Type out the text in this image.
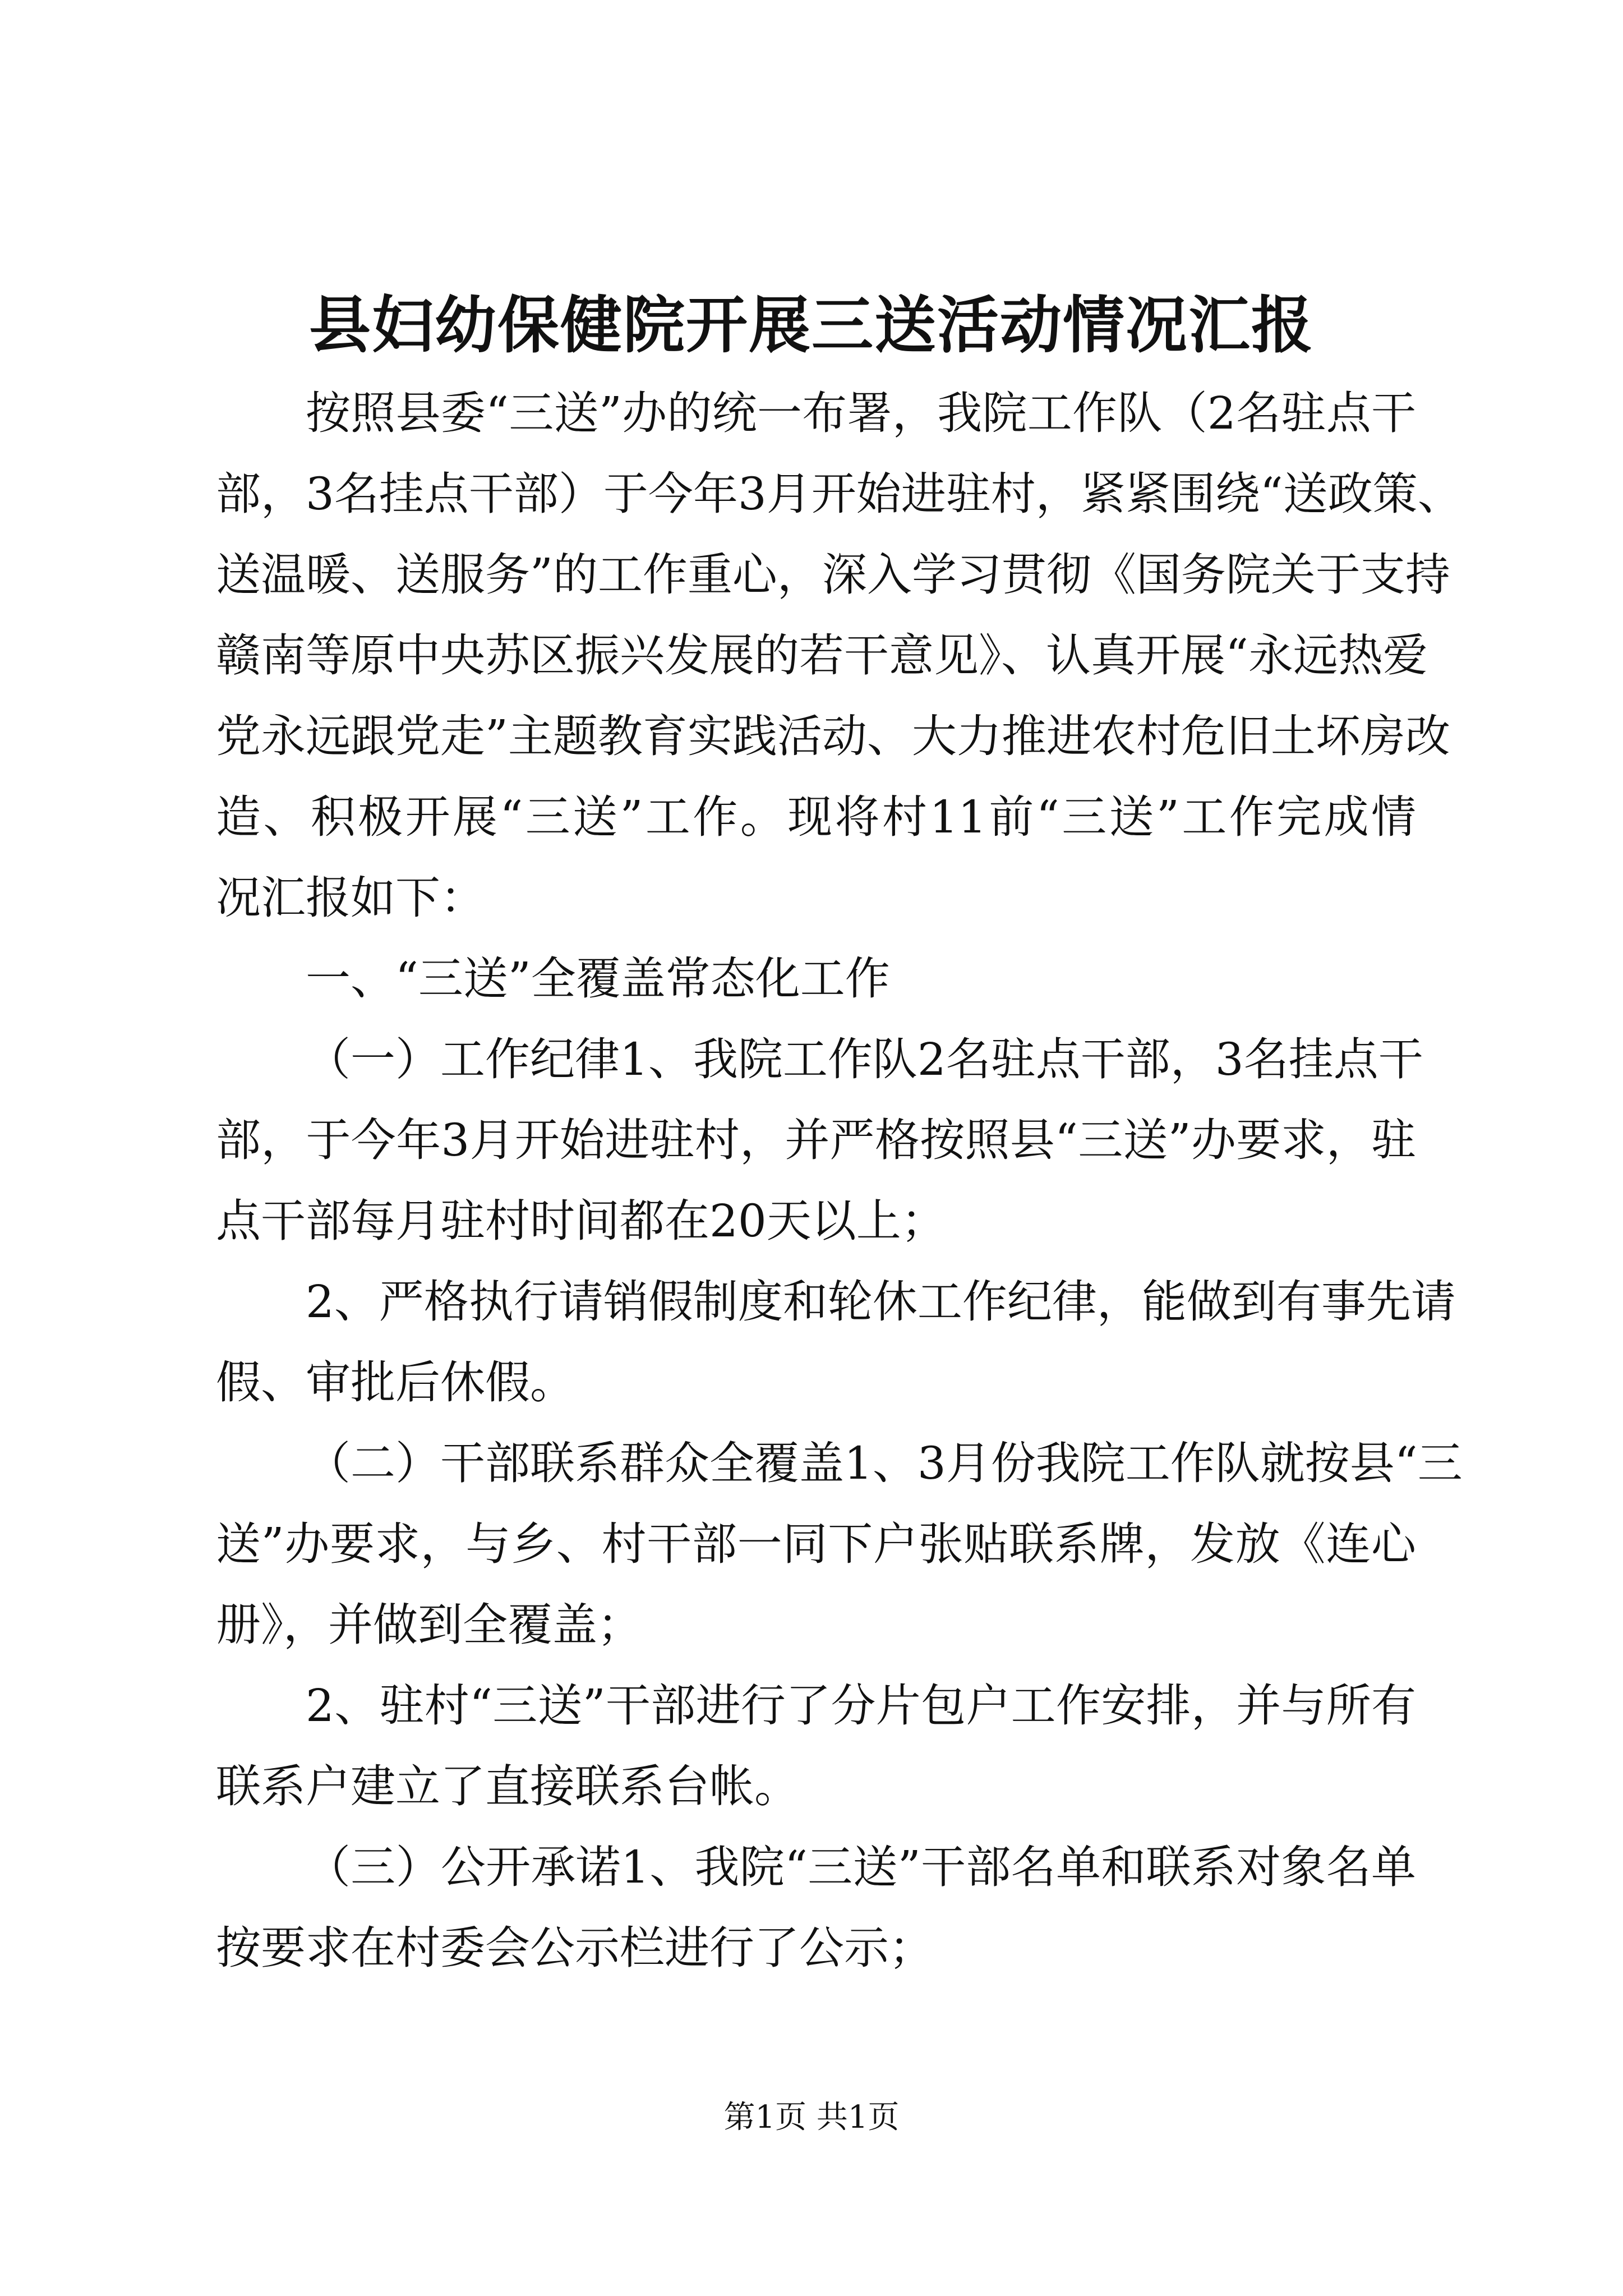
县妇幼保健院开展三送活动情况汇报
按照县委“三送”办的统一布署，我院工作队（2名驻点干
部，3名挂点干部）于今年3月开始进驻村，紧紧围绕“送政策、
送温暖、送服务”的工作重心，深入学习贯彻《国务院关于支持
赣南等原中央苏区振兴发展的若干意见》、认真开展“永远热爱
党永远跟党走”主题教育实践活动、大力推进农村危旧土坏房改
造、积极开展“三送”工作。现将村11前“三送”工作完成情
况汇报如下：
一、“三送”全覆盖常态化工作
（一）工作纪律1、我院工作队2名驻点干部，3名挂点干
部，于今年3月开始进驻村，并严格按照县“三送”办要求，驻
点干部每月驻村时间都在20天以上；
2、严格执行请销假制度和轮休工作纪律，能做到有事先请
假、审批后休假。
（二）干部联系群众全覆盖1、3月份我院工作队就按县“三
送”办要求，与乡、村干部一同下户张贴联系牌，发放《连心
册》，并做到全覆盖；
2、驻村“三送”干部进行了分片包户工作安排，并与所有
联系户建立了直接联系台帐。
（三）公开承诺1、我院“三送”干部名单和联系对象名单
按要求在村委会公示栏进行了公示；
第1页 共1页
